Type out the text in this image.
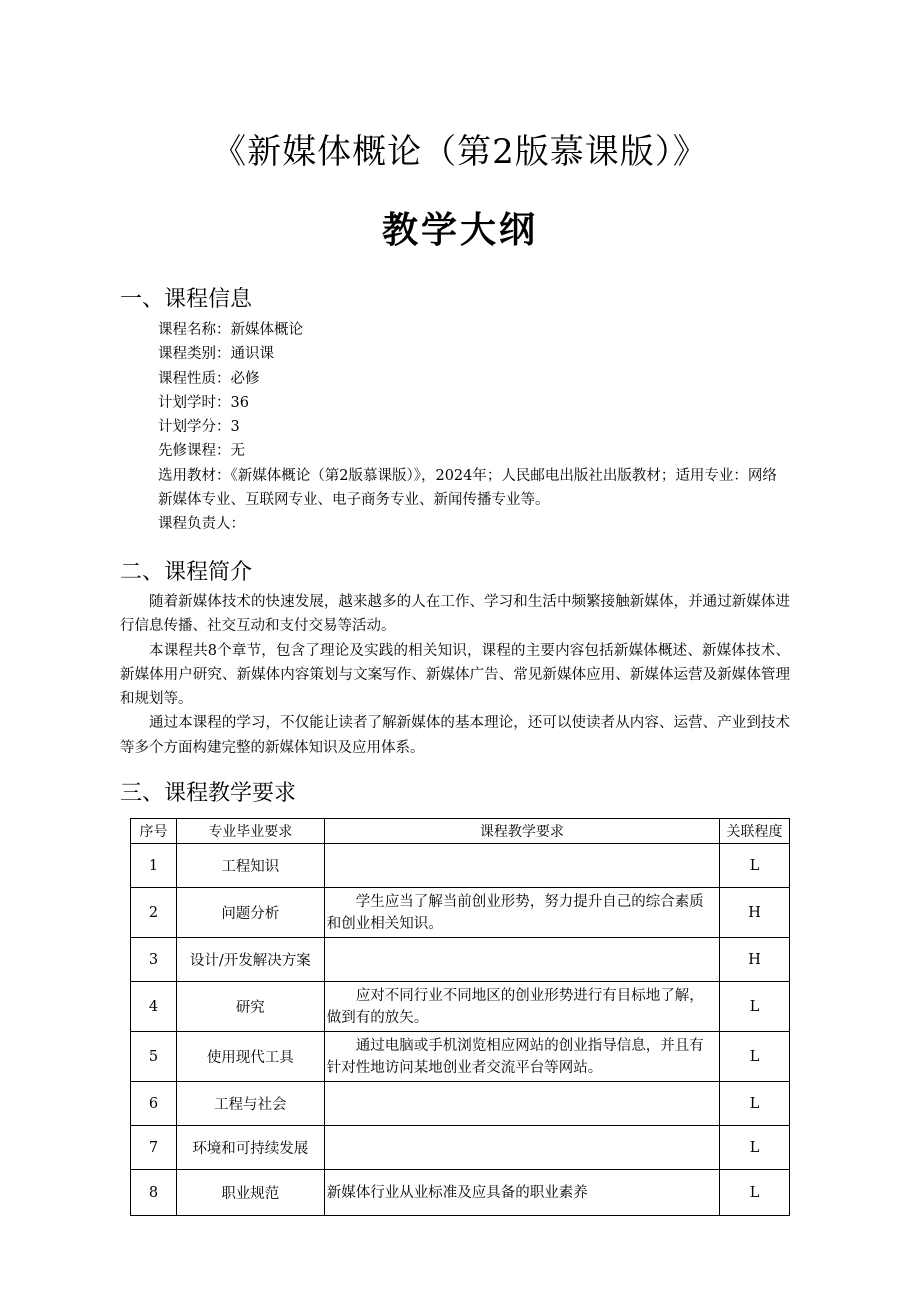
《新媒体概论（第2版慕课版）》
教学大纲
一、课程信息
课程名称：新媒体概论
课程类别：通识课
课程性质：必修
计划学时：36
计划学分：3
先修课程：无
选用教材：《新媒体概论（第2版慕课版）》，2024年；人民邮电出版社出版教材；适用专业：网络新媒体专业、互联网专业、电子商务专业、新闻传播专业等。
课程负责人：
二、课程简介

随着新媒体技术的快速发展，越来越多的人在工作、学习和生活中频繁接触新媒体，并通过新媒体进行信息传播、社交互动和支付交易等活动。

本课程共8个章节，包含了理论及实践的相关知识，课程的主要内容包括新媒体概述、新媒体技术、新媒体用户研究、新媒体内容策划与文案写作、新媒体广告、常见新媒体应用、新媒体运营及新媒体管理和规划等。

通过本课程的学习，不仅能让读者了解新媒体的基本理论，还可以使读者从内容、运营、产业到技术等多个方面构建完整的新媒体知识及应用体系。

三、课程教学要求
序号	专业毕业要求	课程教学要求	关联程度
1	工程知识		L
2	问题分析	学生应当了解当前创业形势，努力提升自己的综合素质和创业相关知识。	H
3	设计/开发解决方案		H
4	研究	应对不同行业不同地区的创业形势进行有目标地了解，做到有的放矢。	L
5	使用现代工具	通过电脑或手机浏览相应网站的创业指导信息，并且有针对性地访问某地创业者交流平台等网站。	L
6	工程与社会		L
7	环境和可持续发展		L
8	职业规范	新媒体行业从业标准及应具备的职业素养	L
